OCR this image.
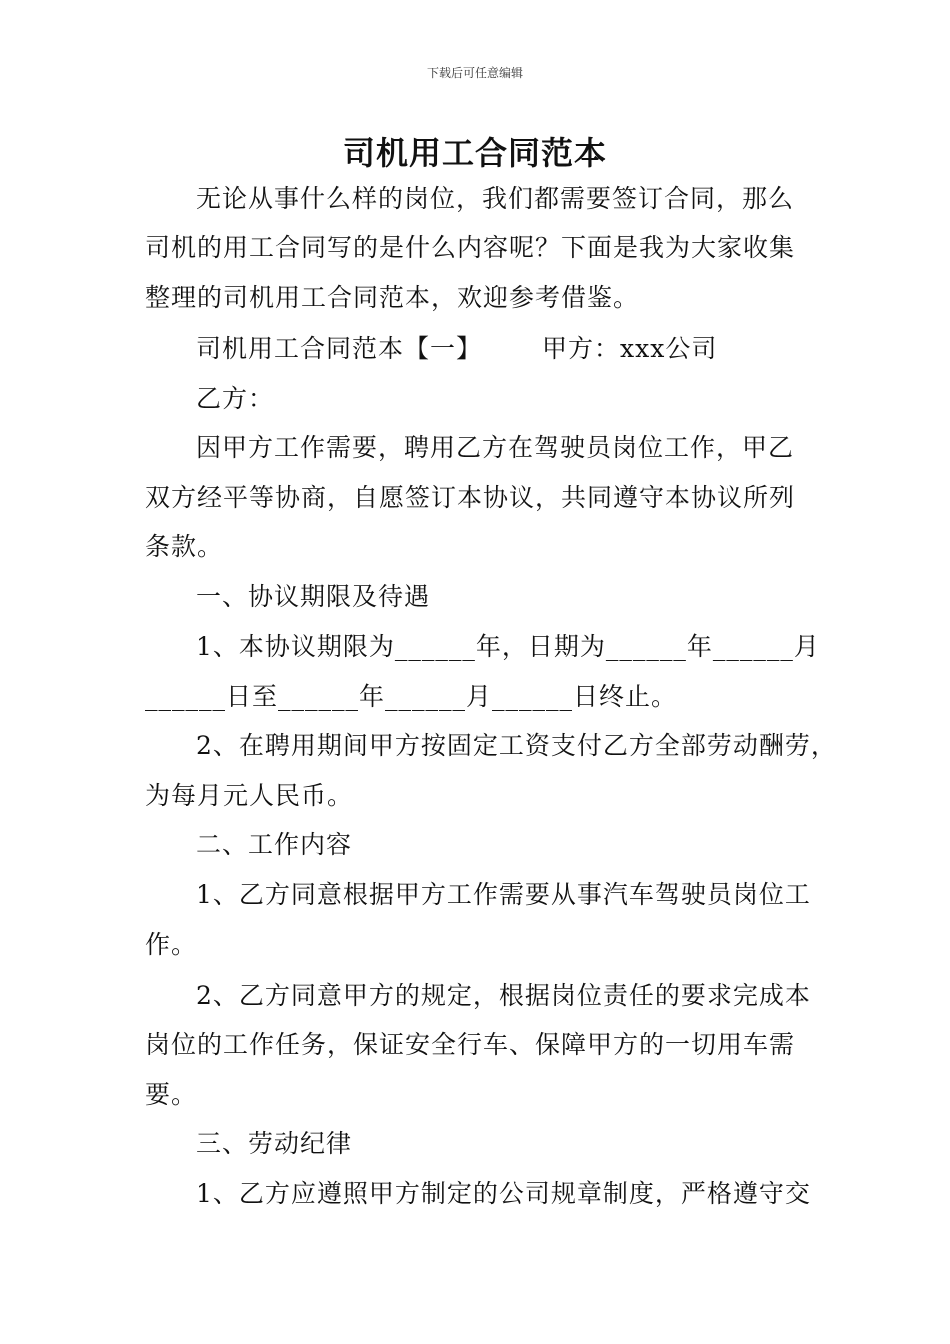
下载后可任意编辑
司机用工合同范本
无论从事什么样的岗位，我们都需要签订合同，那么
司机的用工合同写的是什么内容呢？下面是我为大家收集
整理的司机用工合同范本，欢迎参考借鉴。
司机用工合同范本【一】 甲方：xxx公司
乙方：
因甲方工作需要，聘用乙方在驾驶员岗位工作，甲乙
双方经平等协商，自愿签订本协议，共同遵守本协议所列
条款。
一、协议期限及待遇
1、本协议期限为______年，日期为______年______月
______日至______年______月______日终止。
2、在聘用期间甲方按固定工资支付乙方全部劳动酬劳，
为每月元人民币。
二、工作内容
1、乙方同意根据甲方工作需要从事汽车驾驶员岗位工
作。
2、乙方同意甲方的规定，根据岗位责任的要求完成本
岗位的工作任务，保证安全行车、保障甲方的一切用车需
要。
三、劳动纪律
1、乙方应遵照甲方制定的公司规章制度，严格遵守交
